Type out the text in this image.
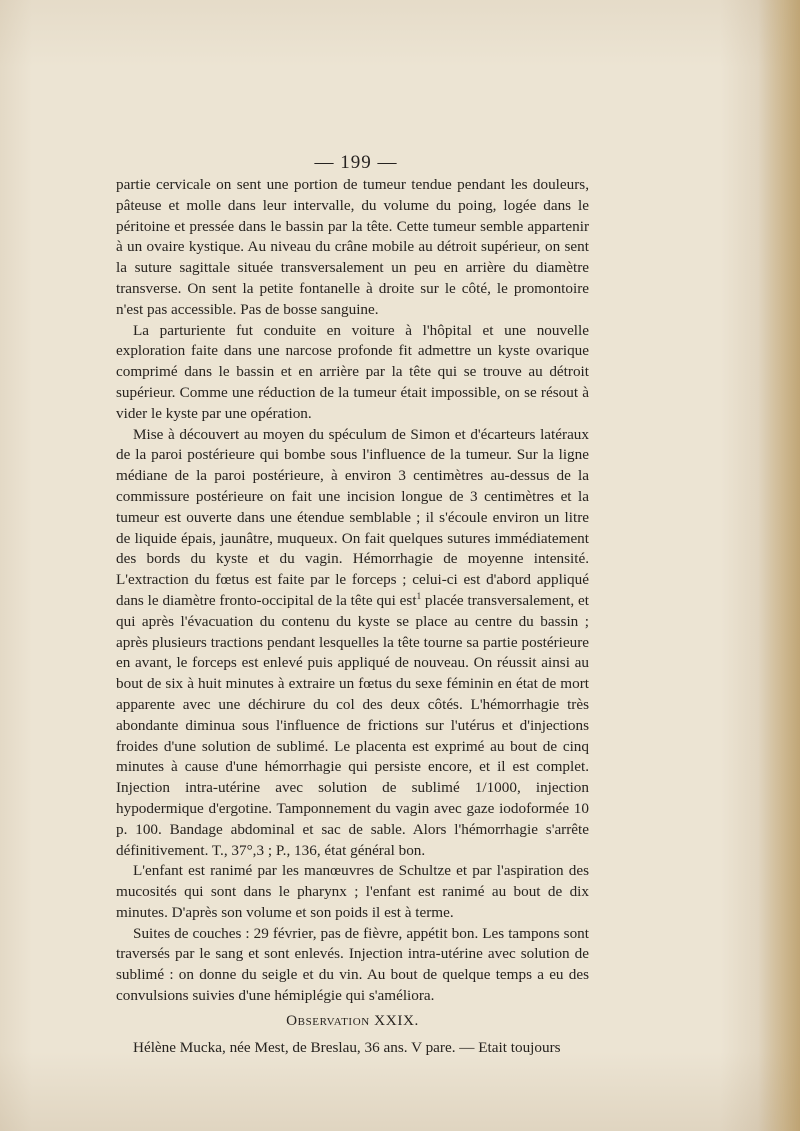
— 199 —

partie cervicale on sent une portion de tumeur tendue pendant les douleurs, pâteuse et molle dans leur intervalle, du volume du poing, logée dans le péritoine et pressée dans le bassin par la tête. Cette tumeur semble appartenir à un ovaire kystique. Au niveau du crâne mobile au détroit supérieur, on sent la suture sagittale située transversalement un peu en arrière du diamètre transverse. On sent la petite fontanelle à droite sur le côté, le promontoire n'est pas accessible. Pas de bosse sanguine.

La parturiente fut conduite en voiture à l'hôpital et une nouvelle exploration faite dans une narcose profonde fit admettre un kyste ovarique comprimé dans le bassin et en arrière par la tête qui se trouve au détroit supérieur. Comme une réduction de la tumeur était impossible, on se résout à vider le kyste par une opération.

Mise à découvert au moyen du spéculum de Simon et d'écarteurs latéraux de la paroi postérieure qui bombe sous l'influence de la tumeur. Sur la ligne médiane de la paroi postérieure, à environ 3 centimètres au-dessus de la commissure postérieure on fait une incision longue de 3 centimètres et la tumeur est ouverte dans une étendue semblable ; il s'écoule environ un litre de liquide épais, jaunâtre, muqueux. On fait quelques sutures immédiatement des bords du kyste et du vagin. Hémorrhagie de moyenne intensité. L'extraction du fœtus est faite par le forceps ; celui-ci est d'abord appliqué dans le diamètre fronto-occipital de la tête qui est$^1$ placée transversalement, et qui après l'évacuation du contenu du kyste se place au centre du bassin ; après plusieurs tractions pendant lesquelles la tête tourne sa partie postérieure en avant, le forceps est enlevé puis appliqué de nouveau. On réussit ainsi au bout de six à huit minutes à extraire un fœtus du sexe féminin en état de mort apparente avec une déchirure du col des deux côtés. L'hémorrhagie très abondante diminua sous l'influence de frictions sur l'utérus et d'injections froides d'une solution de sublimé. Le placenta est exprimé au bout de cinq minutes à cause d'une hémorrhagie qui persiste encore, et il est complet. Injection intra-utérine avec solution de sublimé 1/1000, injection hypodermique d'ergotine. Tamponnement du vagin avec gaze iodoformée 10 p. 100. Bandage abdominal et sac de sable. Alors l'hémorrhagie s'arrête définitivement. T., 37°,3 ; P., 136, état général bon.

L'enfant est ranimé par les manœuvres de Schultze et par l'aspiration des mucosités qui sont dans le pharynx ; l'enfant est ranimé au bout de dix minutes. D'après son volume et son poids il est à terme.

Suites de couches : 29 février, pas de fièvre, appétit bon. Les tampons sont traversés par le sang et sont enlevés. Injection intra-utérine avec solution de sublimé : on donne du seigle et du vin. Au bout de quelque temps a eu des convulsions suivies d'une hémiplégie qui s'améliora.

Observation XXIX.

Hélène Mucka, née Mest, de Breslau, 36 ans. V pare. — Etait toujours
